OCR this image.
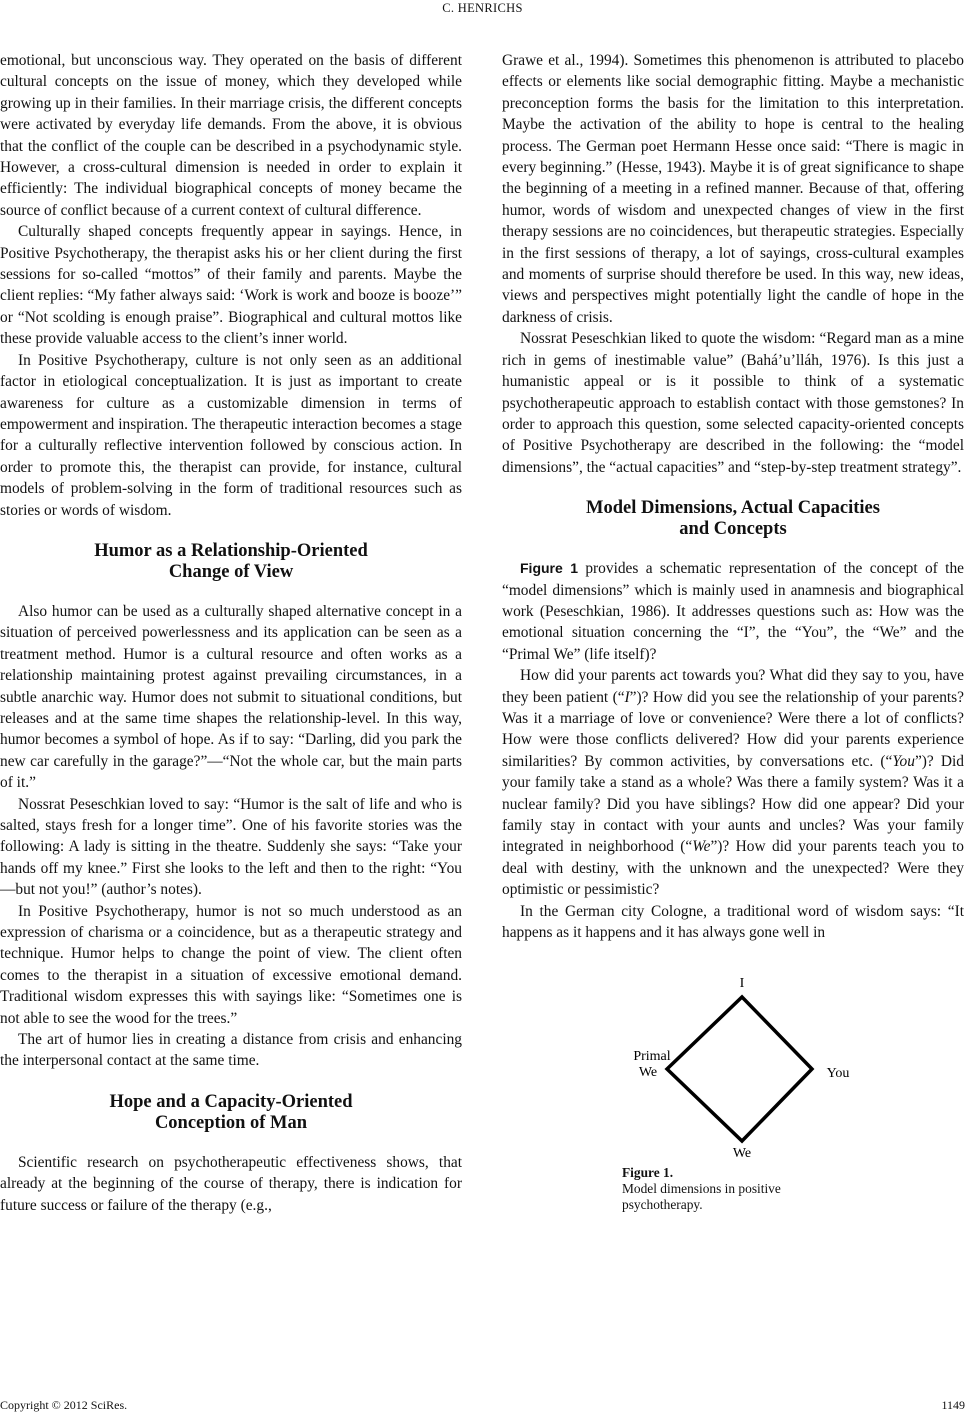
C. HENRICHS

emotional, but unconscious way. They operated on the basis of different cultural concepts on the issue of money, which they developed while growing up in their families. In their marriage crisis, the different concepts were activated by everyday life demands. From the above, it is obvious that the conflict of the couple can be described in a psychodynamic style. However, a cross-cultural dimension is needed in order to explain it efficiently: The individual biographical concepts of money became the source of conflict because of a current context of cultural difference.

Culturally shaped concepts frequently appear in sayings. Hence, in Positive Psychotherapy, the therapist asks his or her client during the first sessions for so-called “mottos” of their family and parents. Maybe the client replies: “My father always said: ‘Work is work and booze is booze’” or “Not scolding is enough praise”. Biographical and cultural mottos like these provide valuable access to the client’s inner world.

In Positive Psychotherapy, culture is not only seen as an additional factor in etiological conceptualization. It is just as important to create awareness for culture as a customizable dimension in terms of empowerment and inspiration. The therapeutic interaction becomes a stage for a culturally reflective intervention followed by conscious action. In order to promote this, the therapist can provide, for instance, cultural models of problem-solving in the form of traditional resources such as stories or words of wisdom.

Humor as a Relationship-Oriented
Change of View

Also humor can be used as a culturally shaped alternative concept in a situation of perceived powerlessness and its application can be seen as a treatment method. Humor is a cultural resource and often works as a relationship maintaining protest against prevailing circumstances, in a subtle anarchic way. Humor does not submit to situational conditions, but releases and at the same time shapes the relationship-level. In this way, humor becomes a symbol of hope. As if to say: “Darling, did you park the new car carefully in the garage?”—“Not the whole car, but the main parts of it.”

Nossrat Peseschkian loved to say: “Humor is the salt of life and who is salted, stays fresh for a longer time”. One of his favorite stories was the following: A lady is sitting in the theatre. Suddenly she says: “Take your hands off my knee.” First she looks to the left and then to the right: “You—but not you!” (author’s notes).

In Positive Psychotherapy, humor is not so much understood as an expression of charisma or a coincidence, but as a therapeutic strategy and technique. Humor helps to change the point of view. The client often comes to the therapist in a situation of excessive emotional demand. Traditional wisdom expresses this with sayings like: “Sometimes one is not able to see the wood for the trees.”

The art of humor lies in creating a distance from crisis and enhancing the interpersonal contact at the same time.

Hope and a Capacity-Oriented
Conception of Man

Scientific research on psychotherapeutic effectiveness shows, that already at the beginning of the course of therapy, there is indication for future success or failure of the therapy (e.g.,

Grawe et al., 1994). Sometimes this phenomenon is attributed to placebo effects or elements like social demographic fitting. Maybe a mechanistic preconception forms the basis for the limitation to this interpretation. Maybe the activation of the ability to hope is central to the healing process. The German poet Hermann Hesse once said: “There is magic in every beginning.” (Hesse, 1943). Maybe it is of great significance to shape the beginning of a meeting in a refined manner. Because of that, offering humor, words of wisdom and unexpected changes of view in the first therapy sessions are no coincidences, but therapeutic strategies. Especially in the first sessions of therapy, a lot of sayings, cross-cultural examples and moments of surprise should therefore be used. In this way, new ideas, views and perspectives might potentially light the candle of hope in the darkness of crisis.

Nossrat Peseschkian liked to quote the wisdom: “Regard man as a mine rich in gems of inestimable value” (Bahá’u’lláh, 1976). Is this just a humanistic appeal or is it possible to think of a systematic psychotherapeutic approach to establish contact with those gemstones? In order to approach this question, some selected capacity-oriented concepts of Positive Psychotherapy are described in the following: the “model dimensions”, the “actual capacities” and “step-by-step treatment strategy”.

Model Dimensions, Actual Capacities
and Concepts

Figure 1 provides a schematic representation of the concept of the “model dimensions” which is mainly used in anamnesis and biographical work (Peseschkian, 1986). It addresses questions such as: How was the emotional situation concerning the “I”, the “You”, the “We” and the “Primal We” (life itself)?

How did your parents act towards you? What did they say to you, have they been patient (“I”)? How did you see the relationship of your parents? Was it a marriage of love or convenience? Were there a lot of conflicts? How were those conflicts delivered? How did your parents experience similarities? By common activities, by conversations etc. (“You”)? Did your family take a stand as a whole? Was there a family system? Was it a nuclear family? Did you have siblings? How did one appear? Did your family stay in contact with your aunts and uncles? Was your family integrated in neighborhood (“We”)? How did your parents teach you to deal with destiny, with the unknown and the unexpected? Were they optimistic or pessimistic?

In the German city Cologne, a traditional word of wisdom says: “It happens as it happens and it has always gone well in

I
Primal
We	You
We
Figure 1.
Model dimensions in positive psychotherapy.
Copyright © 2012 SciRes.	1149
